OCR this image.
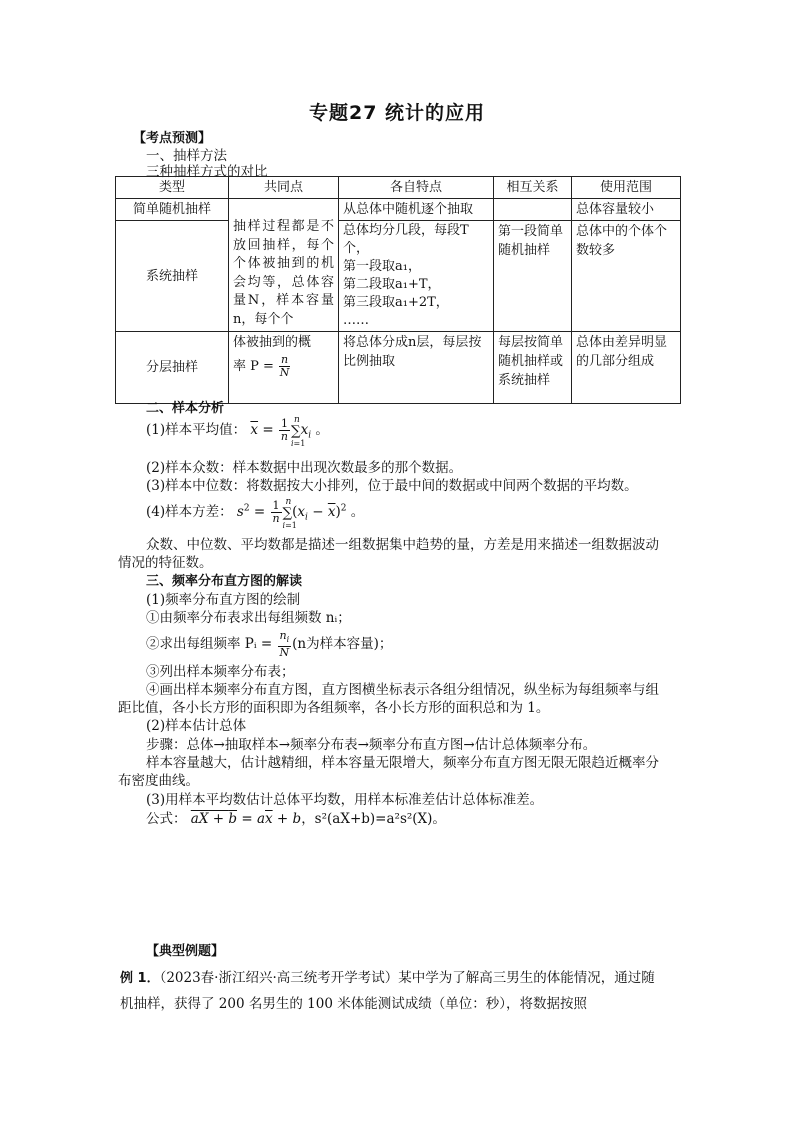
专题27 统计的应用
【考点预测】
一、抽样方法
三种抽样方式的对比
类型	共同点	各自特点	相互关系	使用范围
简单随机抽样	抽样过程都是不放回抽样，每个个体被抽到的机会均等，总体容量N，样本容量n，每个个	从总体中随机逐个抽取		总体容量较小
系统抽样		总体均分几段，每段T个，
第一段取a₁，
第二段取a₁+T，
第三段取a₁+2T，
……	第一段简单随机抽样	总体中的个体个数较多
分层抽样	体被抽到的概
率 $P = \frac{n}{N}$	将总体分成n层，每层按比例抽取	每层按简单随机抽样或系统抽样	总体由差异明显的几部分组成
二、样本分析
(1)样本平均值： $\overline{x} = \frac{1}{n}$ n
∑
i=1
$x_i$ 。
(2)样本众数：样本数据中出现次数最多的那个数据。
(3)样本中位数：将数据按大小排列，位于最中间的数据或中间两个数据的平均数。
(4)样本方差： $s^2 = \frac{1}{n}$ n
∑
i=1
$(x_i - \overline{x})^2$ 。
众数、中位数、平均数都是描述一组数据集中趋势的量，方差是用来描述一组数据波动
情况的特征数。
三、频率分布直方图的解读
(1)频率分布直方图的绘制
①由频率分布表求出每组频数 nᵢ；
②求出每组频率 Pᵢ = $\frac{n_i}{N} (n$为样本容量)；
③列出样本频率分布表；
④画出样本频率分布直方图，直方图横坐标表示各组分组情况，纵坐标为每组频率与组
距比值，各小长方形的面积即为各组频率，各小长方形的面积总和为 1。
(2)样本估计总体
步骤：总体→抽取样本→频率分布表→频率分布直方图→估计总体频率分布。
样本容量越大，估计越精细，样本容量无限增大，频率分布直方图无限无限趋近概率分
布密度曲线。
(3)用样本平均数估计总体平均数，用样本标准差估计总体标准差。
公式： aX + $b = a\overline{x} + b$，s²(aX+b)=a²s²(X)。
【典型例题】
例 1．（2023春·浙江绍兴·高三统考开学考试）某中学为了解高三男生的体能情况，通过随
机抽样，获得了 200 名男生的 100 米体能测试成绩（单位：秒），将数据按照
